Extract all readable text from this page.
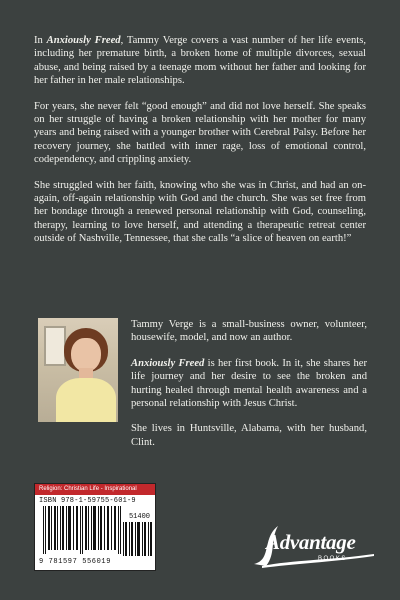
In Anxiously Freed, Tammy Verge covers a vast number of her life events, including her premature birth, a broken home of multiple divorces, sexual abuse, and being raised by a teenage mom without her father and looking for her father in her male relationships.

For years, she never felt “good enough” and did not love herself. She speaks on her struggle of having a broken relationship with her mother for many years and being raised with a younger brother with Cerebral Palsy. Before her recovery journey, she battled with inner rage, loss of emotional control, codependency, and crippling anxiety.

She struggled with her faith, knowing who she was in Christ, and had an on-again, off-again relationship with God and the church. She was set free from her bondage through a renewed personal relationship with God, counseling, therapy, learning to love herself, and attending a therapeutic retreat center outside of Nashville, Tennessee, that she calls “a slice of heaven on earth!”

Tammy Verge is a small-business owner, volunteer, housewife, model, and now an author.

Anxiously Freed is her first book. In it, she shares her life journey and her desire to see the broken and hurting healed through mental health awareness and a personal relationship with Jesus Christ.

She lives in Huntsville, Alabama, with her husband, Clint.

Religion: Christian Life - Inspirational
ISBN 978-1-59755-601-9
51400
9 781597 556019
Advantage
BOOKS
